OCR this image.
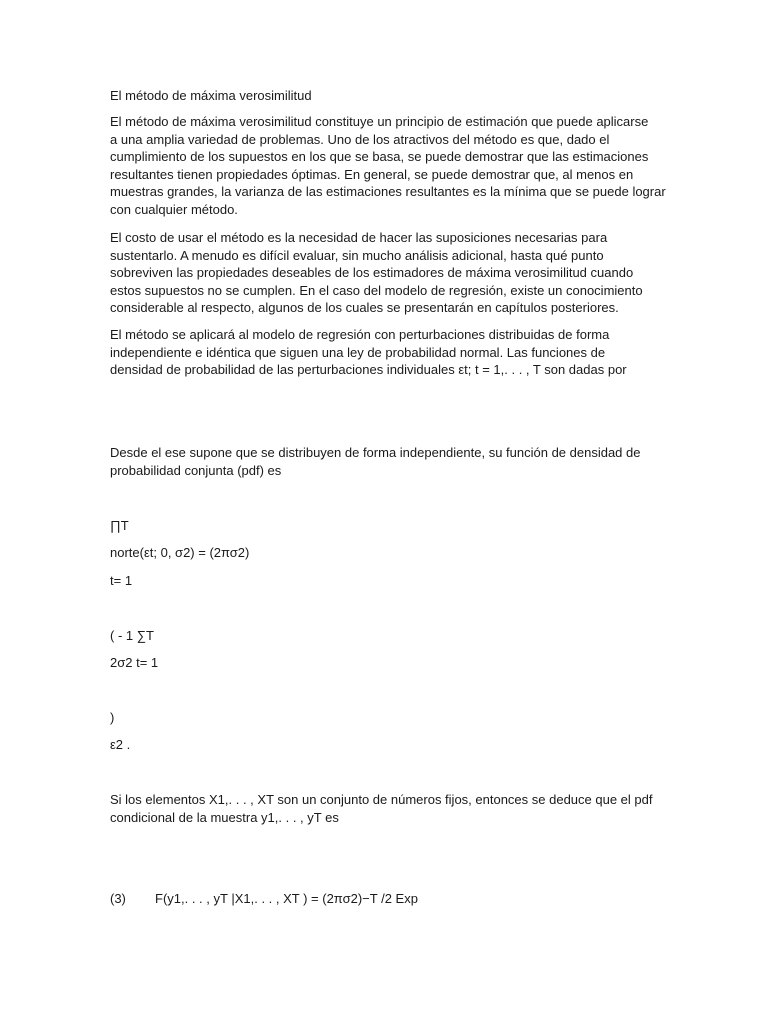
El método de máxima verosimilitud
El método de máxima verosimilitud constituye un principio de estimación que puede aplicarse
a una amplia variedad de problemas. Uno de los atractivos del método es que, dado el
cumplimiento de los supuestos en los que se basa, se puede demostrar que las estimaciones
resultantes tienen propiedades óptimas. En general, se puede demostrar que, al menos en
muestras grandes, la varianza de las estimaciones resultantes es la mínima que se puede lograr
con cualquier método.
El costo de usar el método es la necesidad de hacer las suposiciones necesarias para
sustentarlo. A menudo es difícil evaluar, sin mucho análisis adicional, hasta qué punto
sobreviven las propiedades deseables de los estimadores de máxima verosimilitud cuando
estos supuestos no se cumplen. En el caso del modelo de regresión, existe un conocimiento
considerable al respecto, algunos de los cuales se presentarán en capítulos posteriores.
El método se aplicará al modelo de regresión con perturbaciones distribuidas de forma
independiente e idéntica que siguen una ley de probabilidad normal. Las funciones de
densidad de probabilidad de las perturbaciones individuales εt; t = 1,. . . , T son dadas por
Desde el ese supone que se distribuyen de forma independiente, su función de densidad de
probabilidad conjunta (pdf) es
∏T
norte(εt; 0, σ2) = (2πσ2)
t= 1
( - 1 ∑T
2σ2 t= 1
)
ε2 .
Si los elementos X1,. . . , XT son un conjunto de números fijos, entonces se deduce que el pdf
condicional de la muestra y1,. . . , yT es
(3) F(y1,. . . , yT |X1,. . . , XT ) = (2πσ2)−T /2 Exp
